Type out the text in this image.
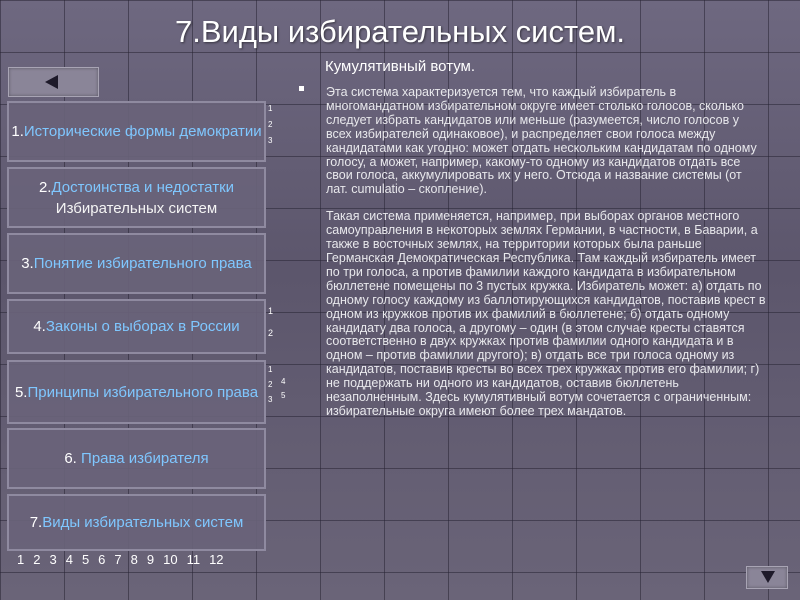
7.Виды избирательных систем.
Кумулятивный вотум.
1.Исторические формы демократии
2.Достоинства и недостатки
Избирательных систем
3.Понятие избирательного права
4.Законы о выборах в России
5.Принципы избирательного права
6. Права избирателя
7.Виды избирательных систем
1
2
3
1
2
1
2
3
4
5
1 2 3 4 5 6 7 8 9 10 11 12

Эта система характеризуется тем, что каждый избиратель в многомандатном избирательном округе имеет столько голосов, сколько следует избрать кандидатов или меньше (разумеется, число голосов у всех избирателей одинаковое), и распределяет свои голоса между кандидатами как угодно: может отдать нескольким кандидатам по одному голосу, а может, например, какому-то одному из кандидатов отдать все свои голоса, аккумулировать их у него. Отсюда и название системы (от лат. cumulatio – скопление).

Такая система применяется, например, при выборах органов местного самоуправления в некоторых землях Германии, в частности, в Баварии, а также в восточных землях, на территории которых была раньше Германская Демократическая Республика. Там каждый избиратель имеет по три голоса, а против фамилии каждого кандидата в избирательном бюллетене помещены по 3 пустых кружка. Избиратель может: а) отдать по одному голосу каждому из баллотирующихся кандидатов, поставив крест в одном из кружков против их фамилий в бюллетене; б) отдать одному кандидату два голоса, а другому – один (в этом случае кресты ставятся соответственно в двух кружках против фамилии одного кандидата и в одном – против фамилии другого); в) отдать все три голоса одному из кандидатов, поставив кресты во всех трех кружках против его фамилии; г) не поддержать ни одного из кандидатов, оставив бюллетень незаполненным. Здесь кумулятивный вотум сочетается с ограниченным: избирательные округа имеют более трех мандатов.
